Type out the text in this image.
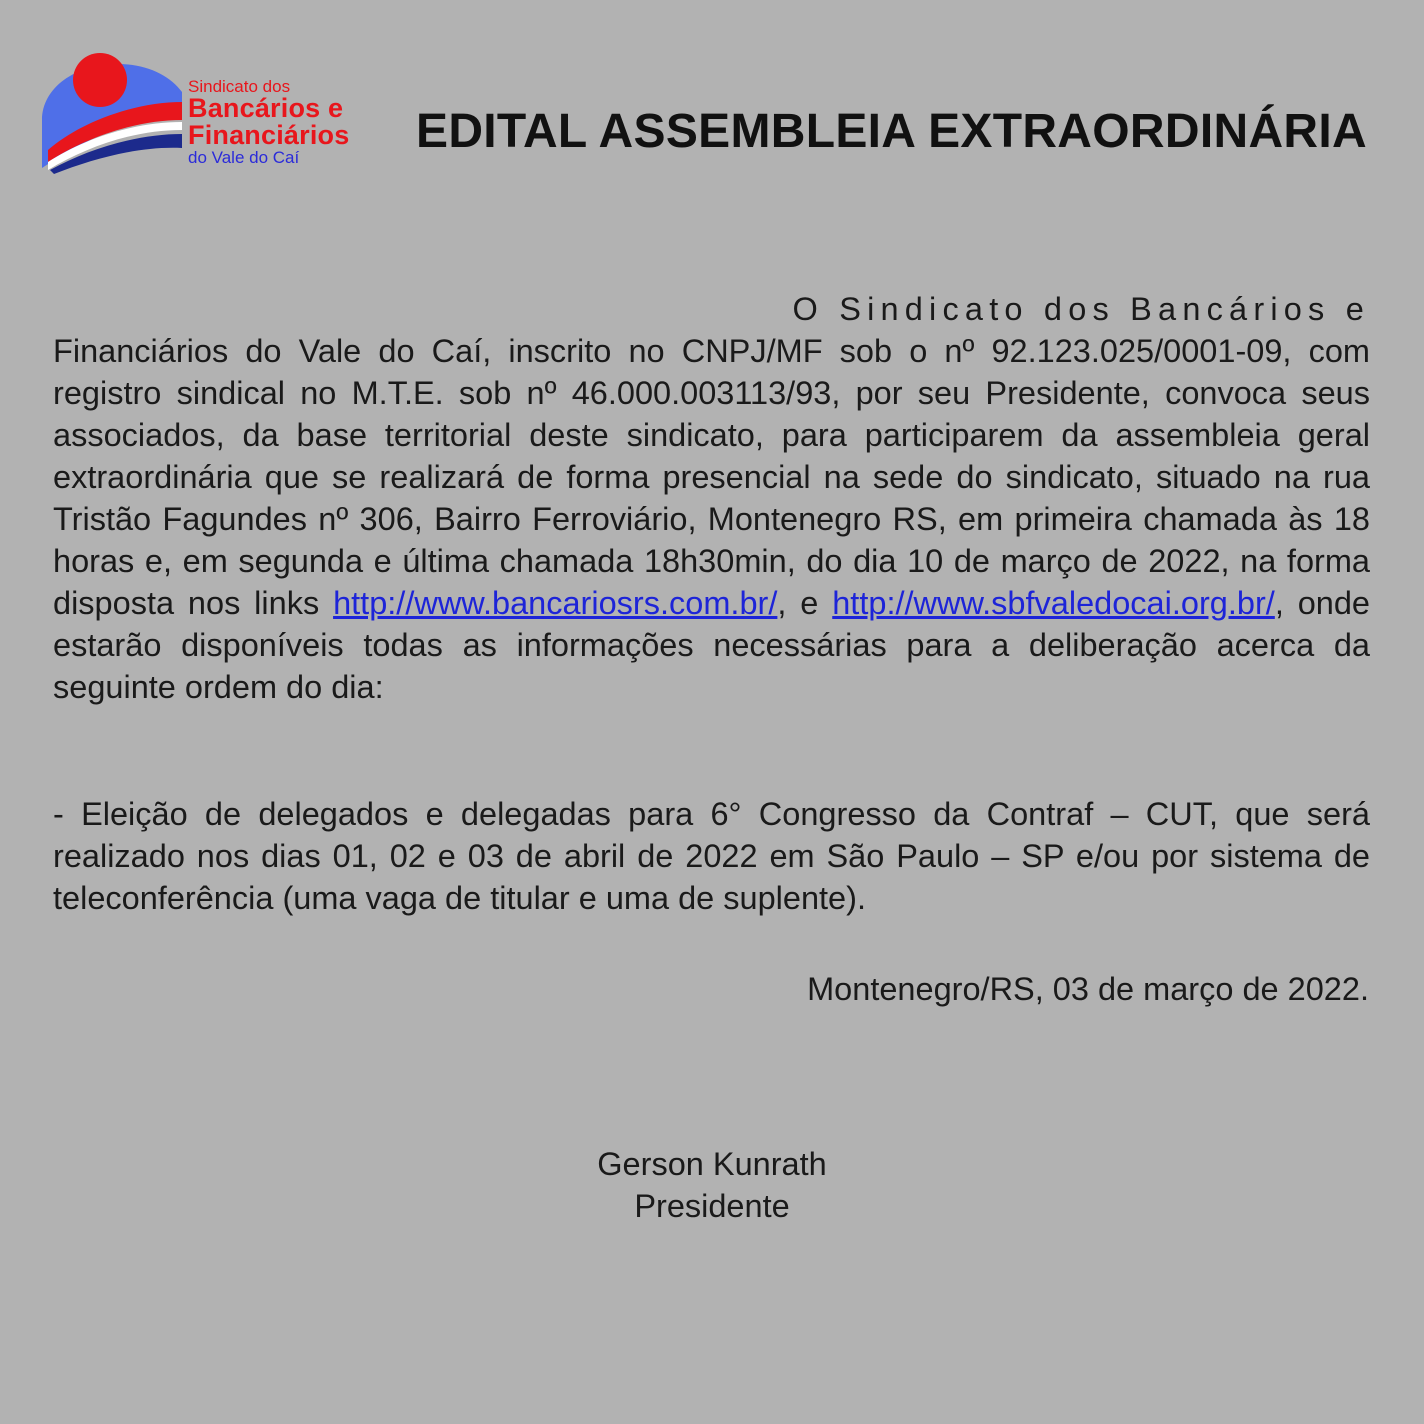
Sindicato dos
Bancários e
Financiários
do Vale do Caí	EDITAL ASSEMBLEIA EXTRAORDINÁRIA
O Sindicato dos Bancários e
Financiários do Vale do Caí, inscrito no CNPJ/MF sob o nº 92.123.025/0001-09, com registro sindical no M.T.E. sob nº 46.000.003113/93, por seu Presidente, convoca seus associados, da base territorial deste sindicato, para participarem da assembleia geral extraordinária que se realizará de forma presencial na sede do sindicato, situado na rua Tristão Fagundes nº 306, Bairro Ferroviário, Montenegro RS, em primeira chamada às 18 horas e, em segunda e última chamada 18h30min, do dia 10 de março de 2022, na forma disposta nos links http://www.bancariosrs.com.br/, e http://www.sbfvaledocai.org.br/, onde estarão disponíveis todas as informações necessárias para a deliberação acerca da seguinte ordem do dia:
- Eleição de delegados e delegadas para 6° Congresso da Contraf – CUT, que será realizado nos dias 01, 02 e 03 de abril de 2022 em São Paulo – SP e/ou por sistema de teleconferência (uma vaga de titular e uma de suplente).
Montenegro/RS, 03 de março de 2022.
Gerson Kunrath
Presidente
